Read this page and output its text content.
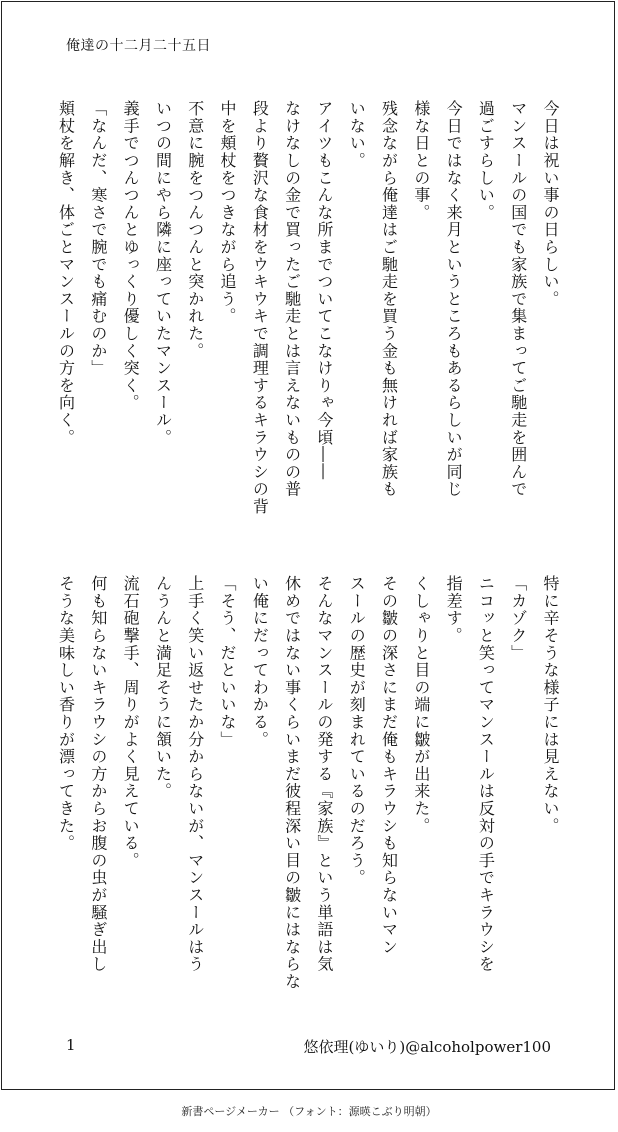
俺達の十二月二十五日
今日は祝い事の日らしい。
マンスールの国でも家族で集まってご馳走を囲んで
過ごすらしい。
今日ではなく来月というところもあるらしいが同じ
様な日との事。
残念ながら俺達はご馳走を買う金も無ければ家族も
いない。
アイツもこんな所までついてこなけりゃ今頃――
なけなしの金で買ったご馳走とは言えないものの普
段より贅沢な食材をウキウキで調理するキラウシの背
中を頬杖をつきながら追う。
不意に腕をつんつんと突かれた。
いつの間にやら隣に座っていたマンスール。
義手でつんつんとゆっくり優しく突く。
「なんだ、寒さで腕でも痛むのか」
頬杖を解き、体ごとマンスールの方を向く。
特に辛そうな様子には見えない。
「カゾク」
ニコッと笑ってマンスールは反対の手でキラウシを
指差す。
くしゃりと目の端に皺が出来た。
その皺の深さにまだ俺もキラウシも知らないマン
スールの歴史が刻まれているのだろう。
そんなマンスールの発する『家族』という単語は気
休めではない事くらいまだ彼程深い目の皺にはならな
い俺にだってわかる。
「そう、だといいな」
上手く笑い返せたか分からないが、マンスールはう
んうんと満足そうに頷いた。
流石砲撃手、周りがよく見えている。
何も知らないキラウシの方からお腹の虫が騒ぎ出し
そうな美味しい香りが漂ってきた。
1	悠依理(ゆいり)@alcoholpower100
新書ページメーカー （フォント：源暎こぶり明朝）
